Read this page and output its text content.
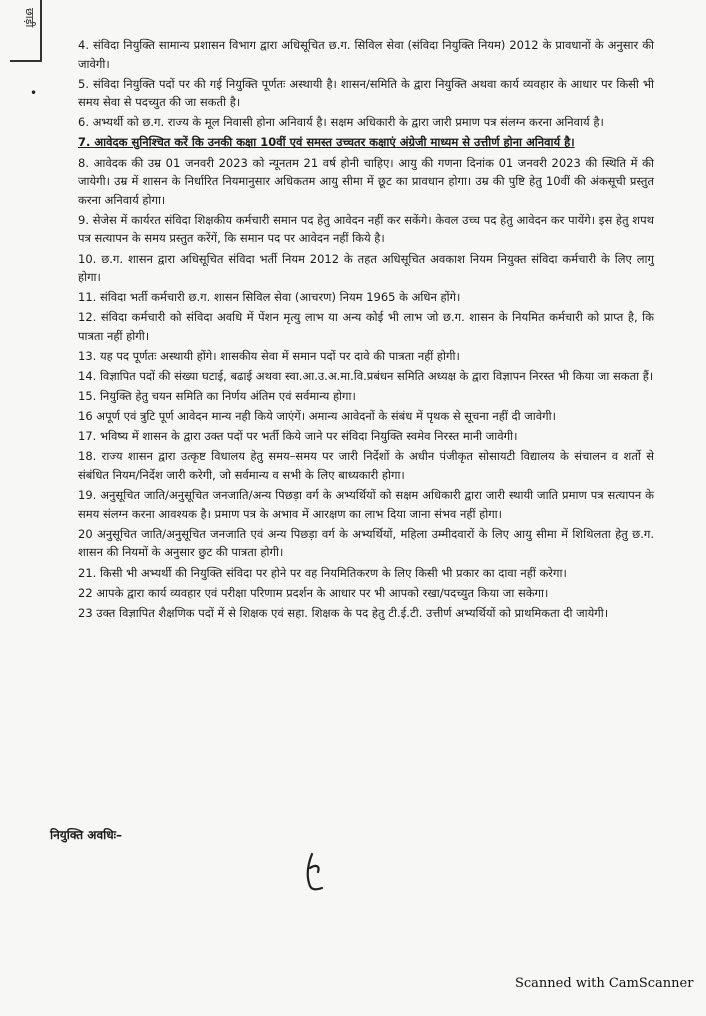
छाड़ी
•
4. संविदा नियुक्ति सामान्य प्रशासन विभाग द्वारा अधिसूचित छ.ग. सिविल सेवा (संविदा नियुक्ति नियम) 2012 के प्रावधानों के अनुसार की जावेगी।
5. संविदा नियुक्ति पदों पर की गई नियुक्ति पूर्णतः अस्थायी है। शासन/समिति के द्वारा नियुक्ति अथवा कार्य व्यवहार के आधार पर किसी भी समय सेवा से पदच्युत की जा सकती है।
6. अभ्यर्थी को छ.ग. राज्य के मूल निवासी होना अनिवार्य है। सक्षम अधिकारी के द्वारा जारी प्रमाण पत्र संलग्न करना अनिवार्य है।
7. आवेदक सुनिश्चित करें कि उनकी कक्षा 10वीं एवं समस्त उच्चतर कक्षाएं अंग्रेजी माध्यम से उत्तीर्ण होना अनिवार्य है।
8. आवेदक की उम्र 01 जनवरी 2023 को न्यूनतम 21 वर्ष होनी चाहिए। आयु की गणना दिनांक 01 जनवरी 2023 की स्थिति में की जायेगी। उम्र में शासन के निर्धारित नियमानुसार अधिकतम आयु सीमा में छूट का प्रावधान होगा। उम्र की पुष्टि हेतु 10वीं की अंकसूची प्रस्तुत करना अनिवार्य होगा।
9. सेजेस में कार्यरत संविदा शिक्षकीय कर्मचारी समान पद हेतु आवेदन नहीं कर सकेंगे। केवल उच्च पद हेतु आवेदन कर पायेंगे। इस हेतु शपथ पत्र सत्यापन के समय प्रस्तुत करेंगें, कि समान पद पर आवेदन नहीं किये है।
10. छ.ग. शासन द्वारा अधिसूचित संविदा भर्ती नियम 2012 के तहत अधिसूचित अवकाश नियम नियुक्त संविदा कर्मचारी के लिए लागु होगा।
11. संविदा भर्ती कर्मचारी छ.ग. शासन सिविल सेवा (आचरण) नियम 1965 के अधिन होंगे।
12. संविदा कर्मचारी को संविदा अवधि में पेंशन मृत्यु लाभ या अन्य कोई भी लाभ जो छ.ग. शासन के नियमित कर्मचारी को प्राप्त है, कि पात्रता नहीं होगी।
13. यह पद पूर्णतः अस्थायी होंगे। शासकीय सेवा में समान पदों पर दावे की पात्रता नहीं होगी।
14. विज्ञापित पदों की संख्या घटाई, बढाई अथवा स्वा.आ.उ.अ.मा.वि.प्रबंधन समिति अध्यक्ष के द्वारा विज्ञापन निरस्त भी किया जा सकता हैं।
15. नियुक्ति हेतु चयन समिति का निर्णय अंतिम एवं सर्वमान्य होगा।
16 अपूर्ण एवं त्रुटि पूर्ण आवेदन मान्य नही किये जाएंगें। अमान्य आवेदनों के संबंध में पृथक से सूचना नहीं दी जावेगी।
17. भविष्य में शासन के द्वारा उक्त पदों पर भर्ती किये जाने पर संविदा नियुक्ति स्वमेव निरस्त मानी जावेगी।
18. राज्य शासन द्वारा उत्कृष्ट विधालय हेतु समय–समय पर जारी निर्देशों के अधीन पंजीकृत सोसायटी विद्यालय के संचालन व शर्तो से संबंधित नियम/निर्देश जारी करेगी, जो सर्वमान्य व सभी के लिए बाध्यकारी होगा।
19. अनुसूचित जाति/अनुसूचित जनजाति/अन्य पिछड़ा वर्ग के अभ्यर्थियों को सक्षम अधिकारी द्वारा जारी स्थायी जाति प्रमाण पत्र सत्यापन के समय संलग्न करना आवश्यक है। प्रमाण पत्र के अभाव में आरक्षण का लाभ दिया जाना संभव नहीं होगा।
20 अनुसूचित जाति/अनुसूचित जनजाति एवं अन्य पिछड़ा वर्ग के अभ्यर्थियों, महिला उम्मीदवारों के लिए आयु सीमा में शिथिलता हेतु छ.ग. शासन की नियमों के अनुसार छुट की पात्रता होगी।
21. किसी भी अभ्यर्थी की नियुक्ति संविदा पर होने पर वह नियमितिकरण के लिए किसी भी प्रकार का दावा नहीं करेगा।
22 आपके द्वारा कार्य व्यवहार एवं परीक्षा परिणाम प्रदर्शन के आधार पर भी आपको रखा/पदच्युत किया जा सकेगा।
23 उक्त विज्ञापित शैक्षणिक पदों में से शिक्षक एवं सहा. शिक्षक के पद हेतु टी.ई.टी. उत्तीर्ण अभ्यर्थियों को प्राथमिकता दी जायेगी।
नियुक्ति अवधिः–
Scanned with CamScanner
